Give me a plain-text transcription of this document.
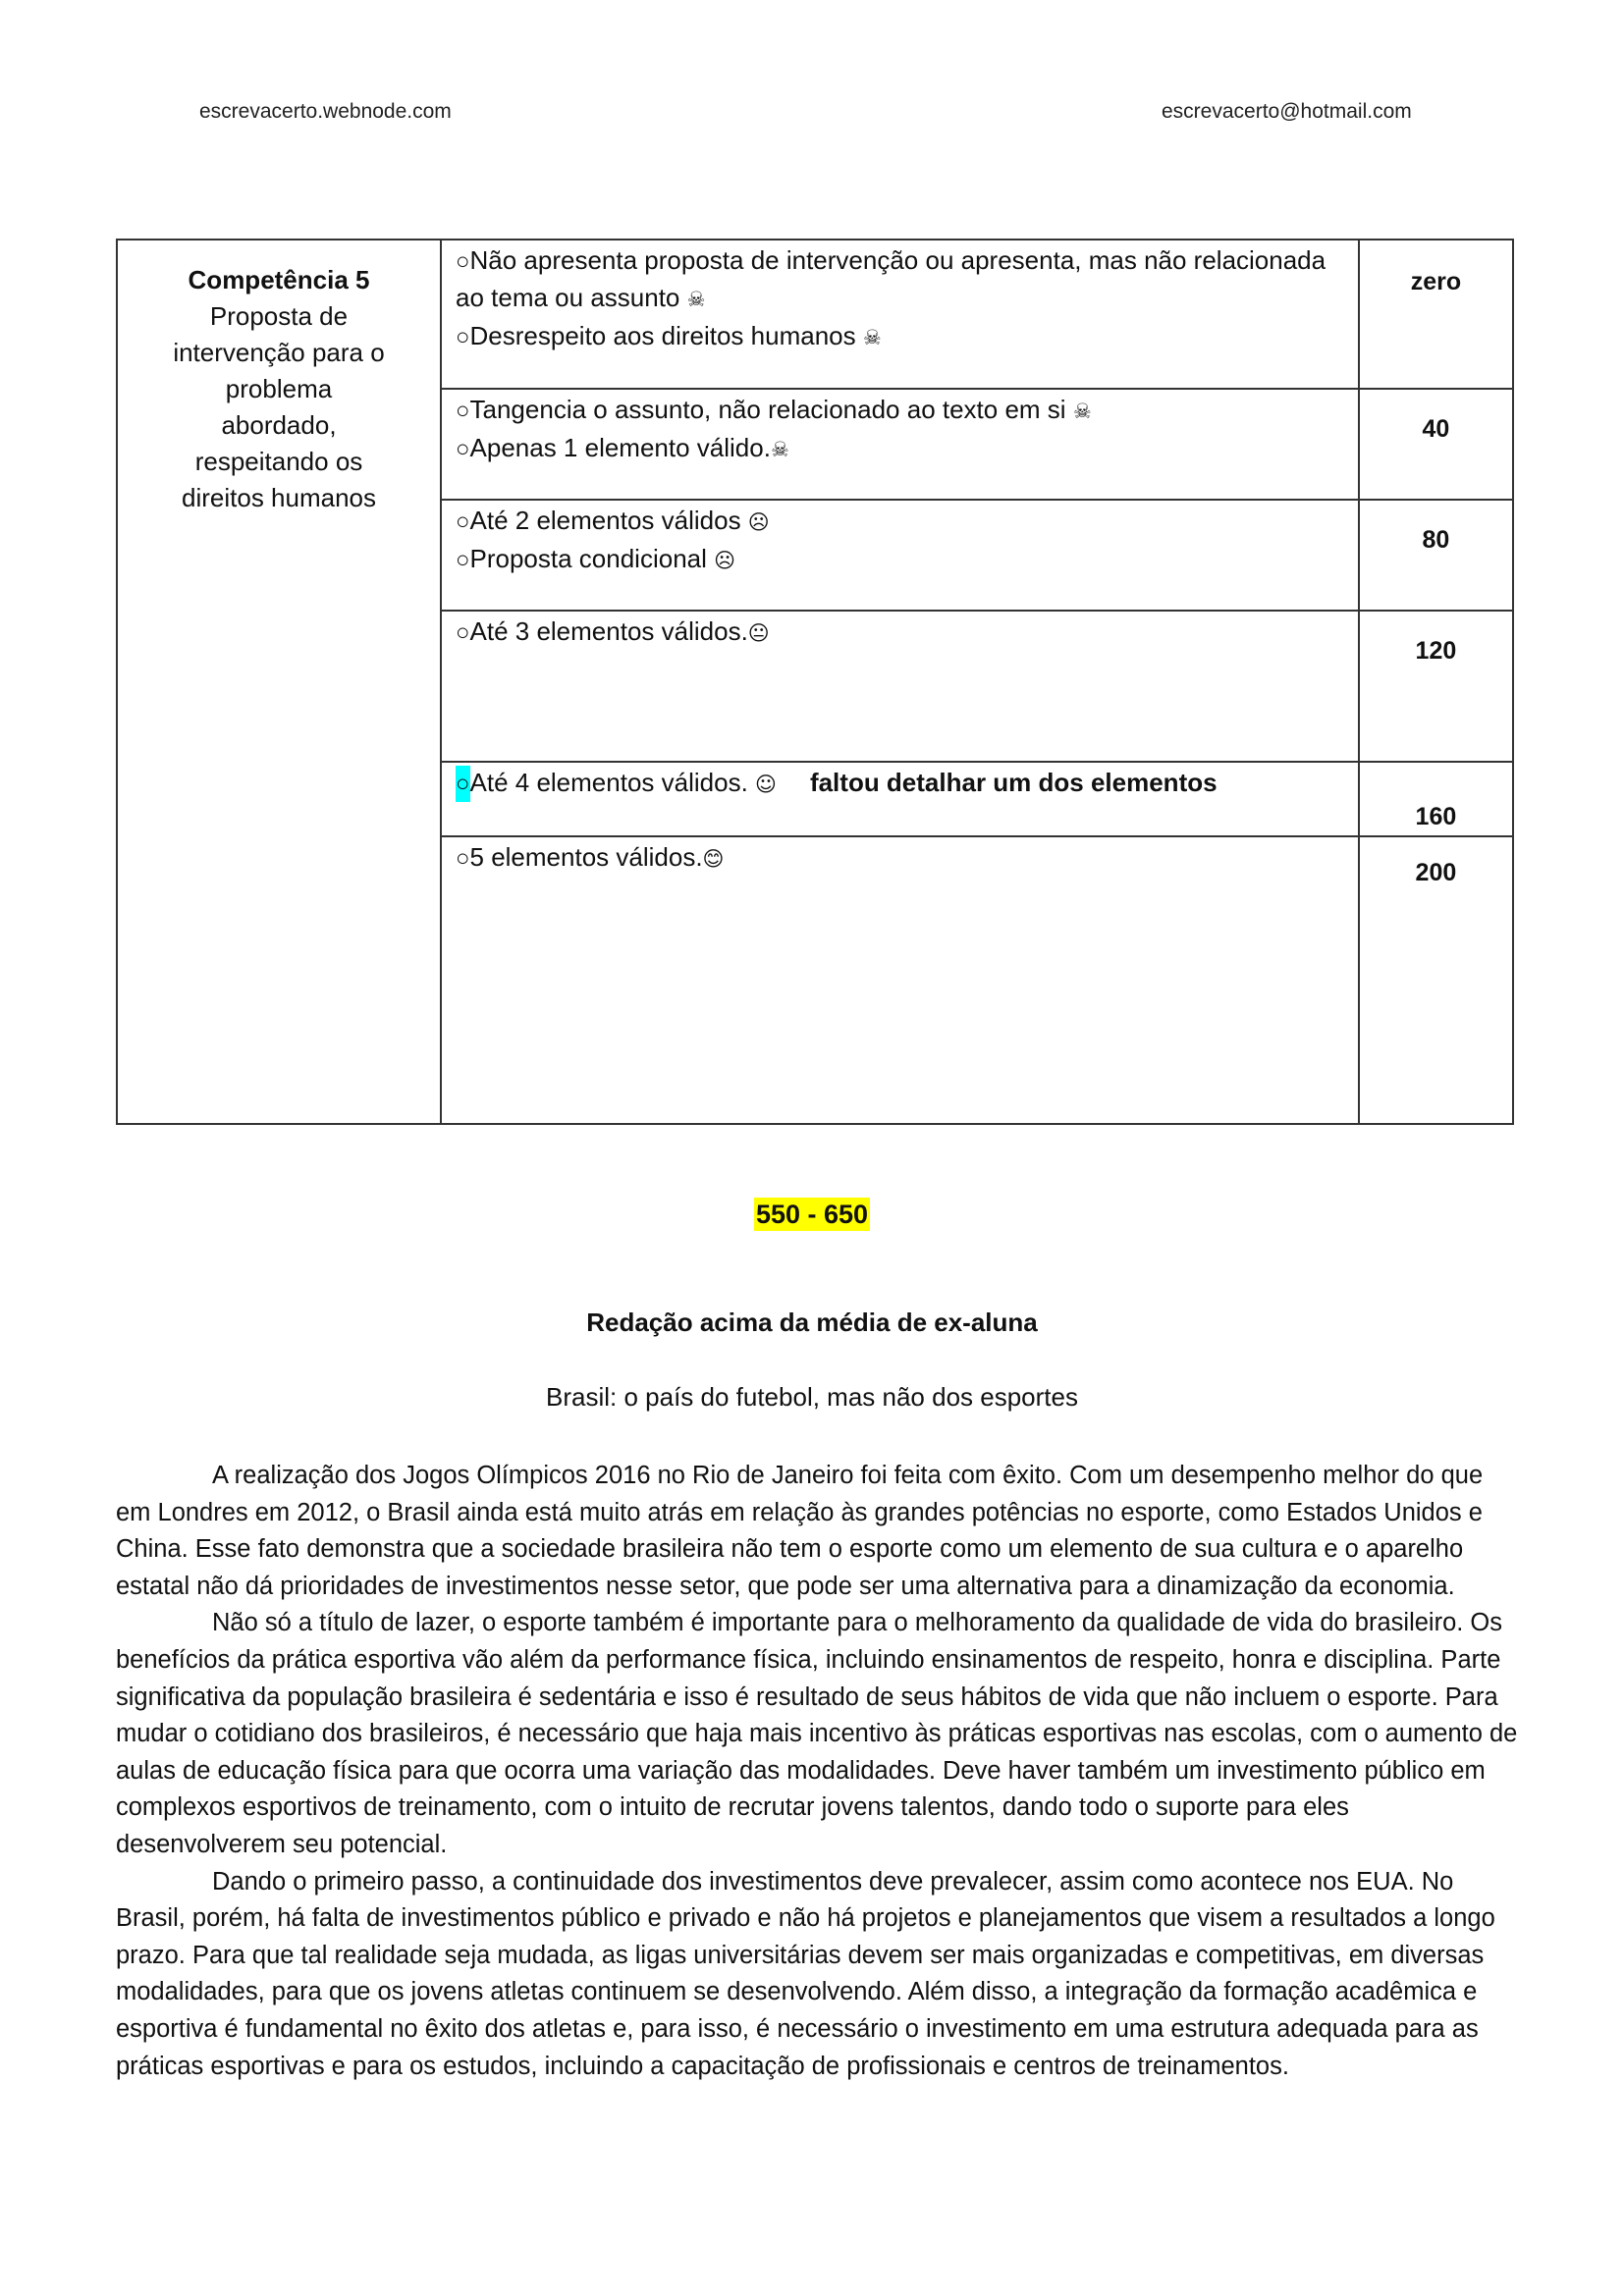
escrevacerto.webnode.com	escrevacerto@hotmail.com
Competência 5
Proposta de intervenção para o problema abordado, respeitando os direitos humanos	○Não apresenta proposta de intervenção ou apresenta, mas não relacionada ao tema ou assunto ☠
○Desrespeito aos direitos humanos ☠	zero

	○Tangencia o assunto, não relacionado ao texto em si ☠
○Apenas 1 elemento válido.☠	40

	○Até 2 elementos válidos ☹
○Proposta condicional ☹	80

	○Até 3 elementos válidos.😐	120

	○Até 4 elementos válidos. ☺ faltou detalhar um dos elementos	160

	○5 elementos válidos.😊	200
550 - 650
Redação acima da média de ex-aluna
Brasil: o país do futebol, mas não dos esportes

A realização dos Jogos Olímpicos 2016 no Rio de Janeiro foi feita com êxito. Com um desempenho melhor do que em Londres em 2012, o Brasil ainda está muito atrás em relação às grandes potências no esporte, como Estados Unidos e China. Esse fato demonstra que a sociedade brasileira não tem o esporte como um elemento de sua cultura e o aparelho estatal não dá prioridades de investimentos nesse setor, que pode ser uma alternativa para a dinamização da economia.

Não só a título de lazer, o esporte também é importante para o melhoramento da qualidade de vida do brasileiro. Os benefícios da prática esportiva vão além da performance física, incluindo ensinamentos de respeito, honra e disciplina. Parte significativa da população brasileira é sedentária e isso é resultado de seus hábitos de vida que não incluem o esporte. Para mudar o cotidiano dos brasileiros, é necessário que haja mais incentivo às práticas esportivas nas escolas, com o aumento de aulas de educação física para que ocorra uma variação das modalidades. Deve haver também um investimento público em complexos esportivos de treinamento, com o intuito de recrutar jovens talentos, dando todo o suporte para eles desenvolverem seu potencial.

Dando o primeiro passo, a continuidade dos investimentos deve prevalecer, assim como acontece nos EUA. No Brasil, porém, há falta de investimentos público e privado e não há projetos e planejamentos que visem a resultados a longo prazo. Para que tal realidade seja mudada, as ligas universitárias devem ser mais organizadas e competitivas, em diversas modalidades, para que os jovens atletas continuem se desenvolvendo. Além disso, a integração da formação acadêmica e esportiva é fundamental no êxito dos atletas e, para isso, é necessário o investimento em uma estrutura adequada para as práticas esportivas e para os estudos, incluindo a capacitação de profissionais e centros de treinamentos.
